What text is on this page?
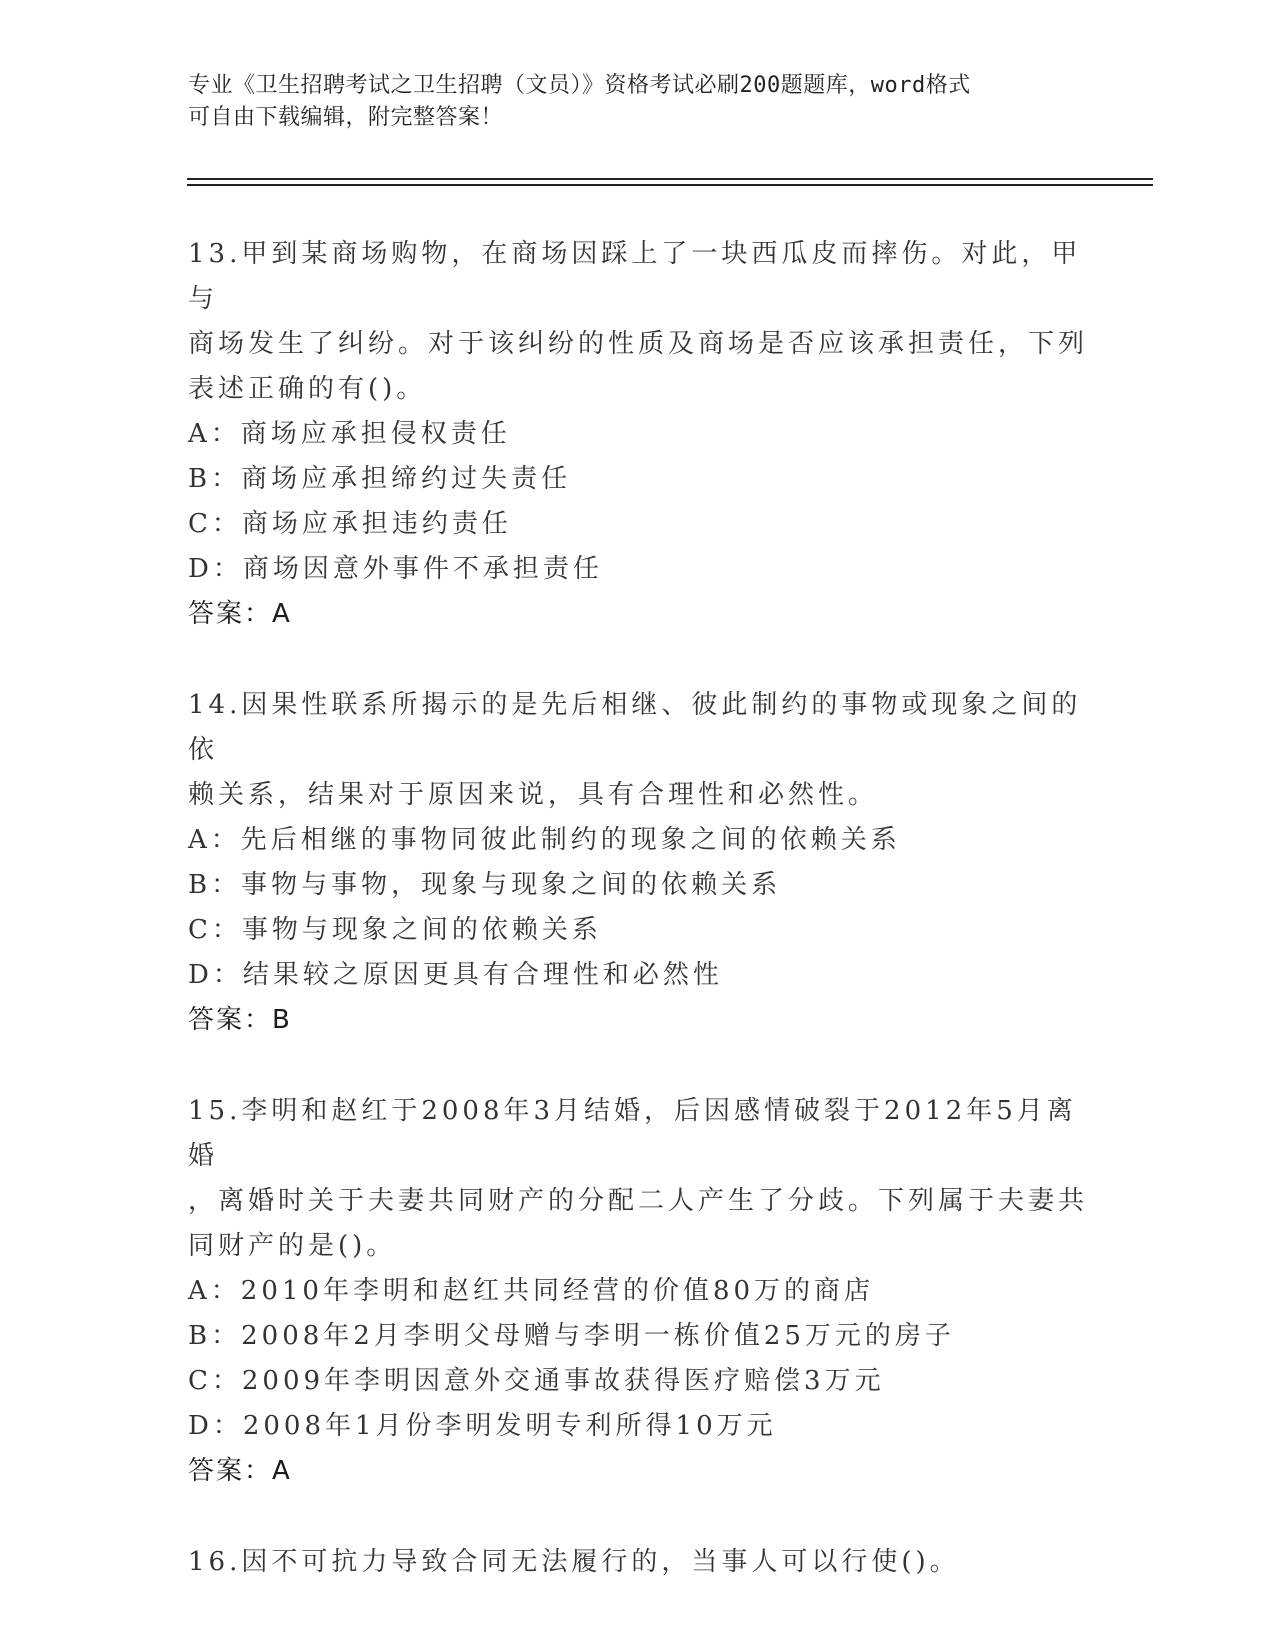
专业《卫生招聘考试之卫生招聘（文员）》资格考试必刷200题题库，word格式
可自由下载编辑，附完整答案！
13.甲到某商场购物，在商场因踩上了一块西瓜皮而摔伤。对此，甲与
商场发生了纠纷。对于该纠纷的性质及商场是否应该承担责任，下列
表述正确的有()。
A：商场应承担侵权责任
B：商场应承担缔约过失责任
C：商场应承担违约责任
D：商场因意外事件不承担责任
答案：A
14.因果性联系所揭示的是先后相继、彼此制约的事物或现象之间的依
赖关系，结果对于原因来说，具有合理性和必然性。
A：先后相继的事物同彼此制约的现象之间的依赖关系
B：事物与事物，现象与现象之间的依赖关系
C：事物与现象之间的依赖关系
D：结果较之原因更具有合理性和必然性
答案：B
15.李明和赵红于2008年3月结婚，后因感情破裂于2012年5月离婚
，离婚时关于夫妻共同财产的分配二人产生了分歧。下列属于夫妻共
同财产的是()。
A：2010年李明和赵红共同经营的价值80万的商店
B：2008年2月李明父母赠与李明一栋价值25万元的房子
C：2009年李明因意外交通事故获得医疗赔偿3万元
D：2008年1月份李明发明专利所得10万元
答案：A
16.因不可抗力导致合同无法履行的，当事人可以行使()。
